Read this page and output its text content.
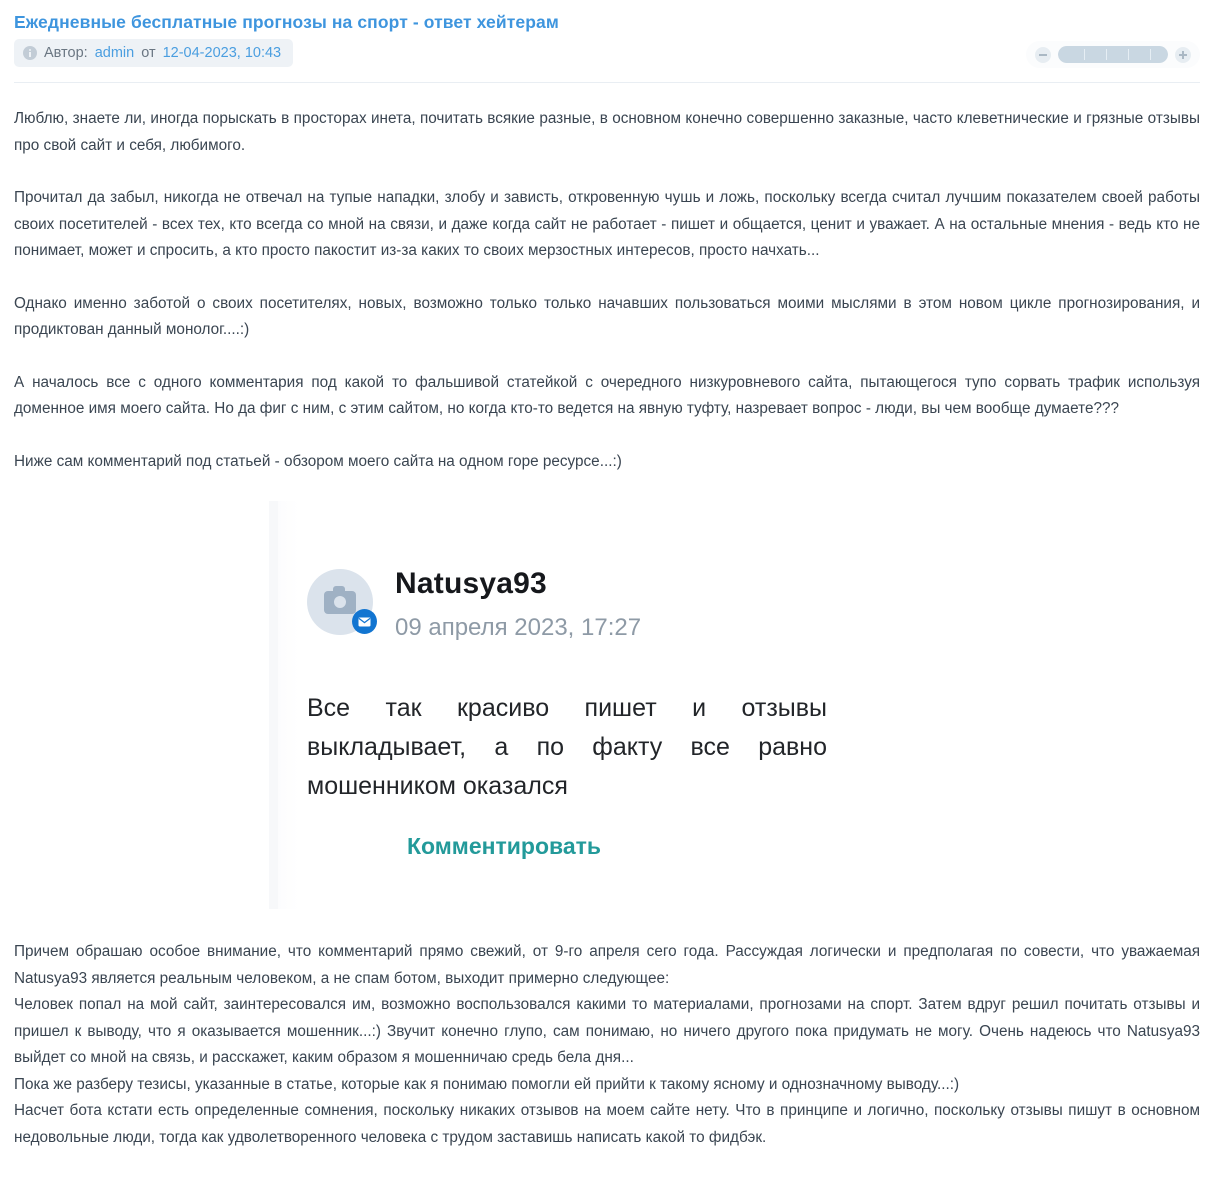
Ежедневные бесплатные прогнозы на спорт - ответ хейтерам
Автор: admin от 12-04-2023, 10:43

Люблю, знаете ли, иногда порыскать в просторах инета, почитать всякие разные, в основном конечно совершенно заказные, часто клеветнические и грязные отзывы про свой сайт и себя, любимого.

Прочитал да забыл, никогда не отвечал на тупые нападки, злобу и зависть, откровенную чушь и ложь, поскольку всегда считал лучшим показателем своей работы своих посетителей - всех тех, кто всегда со мной на связи, и даже когда сайт не работает - пишет и общается, ценит и уважает. А на остальные мнения - ведь кто не понимает, может и спросить, а кто просто пакостит из-за каких то своих мерзостных интересов, просто начхать...

Однако именно заботой о своих посетителях, новых, возможно только только начавших пользоваться моими мыслями в этом новом цикле прогнозирования, и продиктован данный монолог....:)

А началось все с одного комментария под какой то фальшивой статейкой с очередного низкуровневого сайта, пытающегося тупо сорвать трафик используя доменное имя моего сайта. Но да фиг с ним, с этим сайтом, но когда кто-то ведется на явную туфту, назревает вопрос - люди, вы чем вообще думаете???

Ниже сам комментарий под статьей - обзором моего сайта на одном горе ресурсе...:)

Natusya93
09 апреля 2023, 17:27
Все так красиво пишет и отзывы выкладывает, а по факту все равно мошенником оказался
Комментировать

Причем обрашаю особое внимание, что комментарий прямо свежий, от 9-го апреля сего года. Рассуждая логически и предполагая по совести, что уважаемая Natusya93 является реальным человеком, а не спам ботом, выходит примерно следующее:

Человек попал на мой сайт, заинтересовался им, возможно воспользовался какими то материалами, прогнозами на спорт. Затем вдруг решил почитать отзывы и пришел к выводу, что я оказывается мошенник...:) Звучит конечно глупо, сам понимаю, но ничего другого пока придумать не могу. Очень надеюсь что Natusya93 выйдет со мной на связь, и расскажет, каким образом я мошенничаю средь бела дня...

Пока же разберу тезисы, указанные в статье, которые как я понимаю помогли ей прийти к такому ясному и однозначному выводу...:)

Насчет бота кстати есть определенные сомнения, поскольку никаких отзывов на моем сайте нету. Что в принципе и логично, поскольку отзывы пишут в основном недовольные люди, тогда как удволетворенного человека с трудом заставишь написать какой то фидбэк.
